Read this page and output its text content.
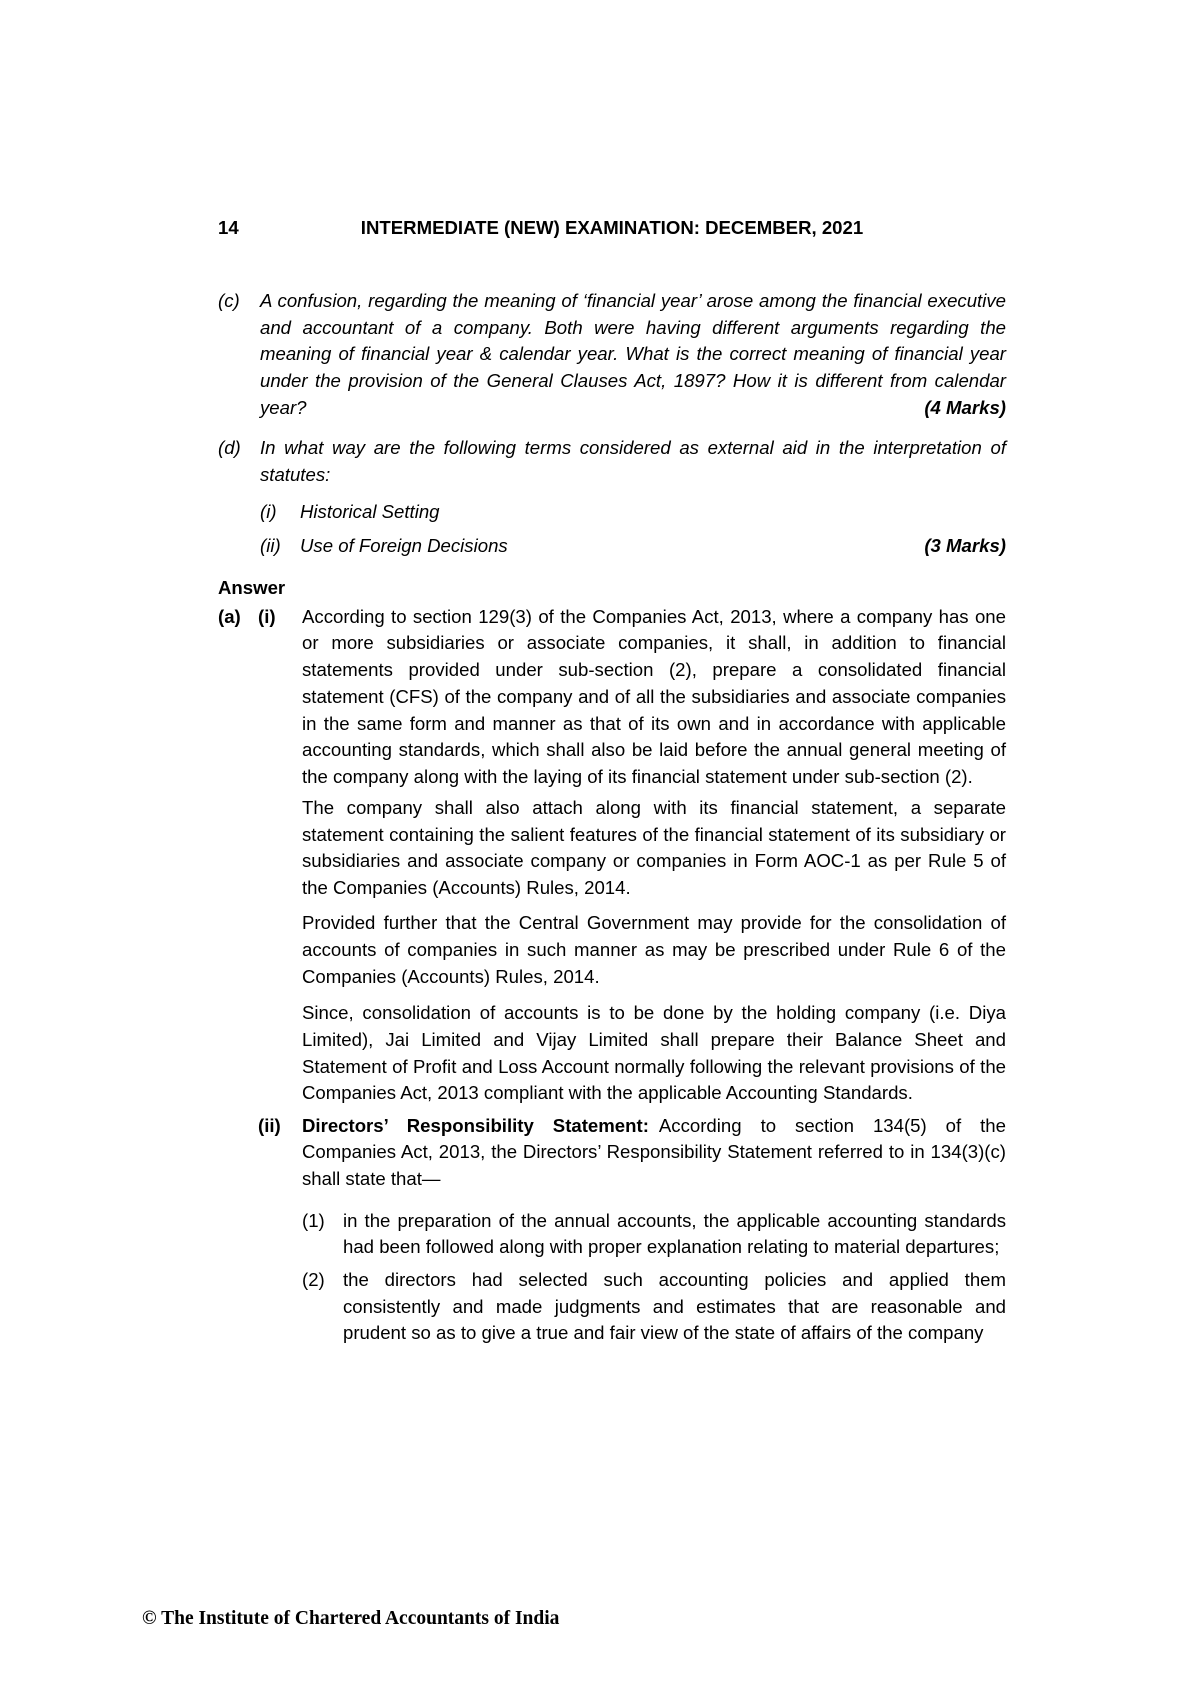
14	INTERMEDIATE (NEW) EXAMINATION: DECEMBER, 2021
(c)	A confusion, regarding the meaning of ‘financial year’ arose among the financial executive and accountant of a company. Both were having different arguments regarding the meaning of financial year & calendar year. What is the correct meaning of financial year under the provision of the General Clauses Act, 1897? How it is different from calendar year?	(4 Marks)
(d)	In what way are the following terms considered as external aid in the interpretation of statutes:
(i)	Historical Setting
(ii)	Use of Foreign Decisions	(3 Marks)
Answer
(a) (i)	According to section 129(3) of the Companies Act, 2013, where a company has one or more subsidiaries or associate companies, it shall, in addition to financial statements provided under sub-section (2), prepare a consolidated financial statement (CFS) of the company and of all the subsidiaries and associate companies in the same form and manner as that of its own and in accordance with applicable accounting standards, which shall also be laid before the annual general meeting of the company along with the laying of its financial statement under sub-section (2).

The company shall also attach along with its financial statement, a separate statement containing the salient features of the financial statement of its subsidiary or subsidiaries and associate company or companies in Form AOC-1 as per Rule 5 of the Companies (Accounts) Rules, 2014.

Provided further that the Central Government may provide for the consolidation of accounts of companies in such manner as may be prescribed under Rule 6 of the Companies (Accounts) Rules, 2014.

Since, consolidation of accounts is to be done by the holding company (i.e. Diya Limited), Jai Limited and Vijay Limited shall prepare their Balance Sheet and Statement of Profit and Loss Account normally following the relevant provisions of the Companies Act, 2013 compliant with the applicable Accounting Standards.

(ii)	Directors’ Responsibility Statement: According to section 134(5) of the Companies Act, 2013, the Directors’ Responsibility Statement referred to in 134(3)(c) shall state that—

(1) in the preparation of the annual accounts, the applicable accounting standards had been followed along with proper explanation relating to material departures;
(2) the directors had selected such accounting policies and applied them consistently and made judgments and estimates that are reasonable and prudent so as to give a true and fair view of the state of affairs of the company
© The Institute of Chartered Accountants of India
